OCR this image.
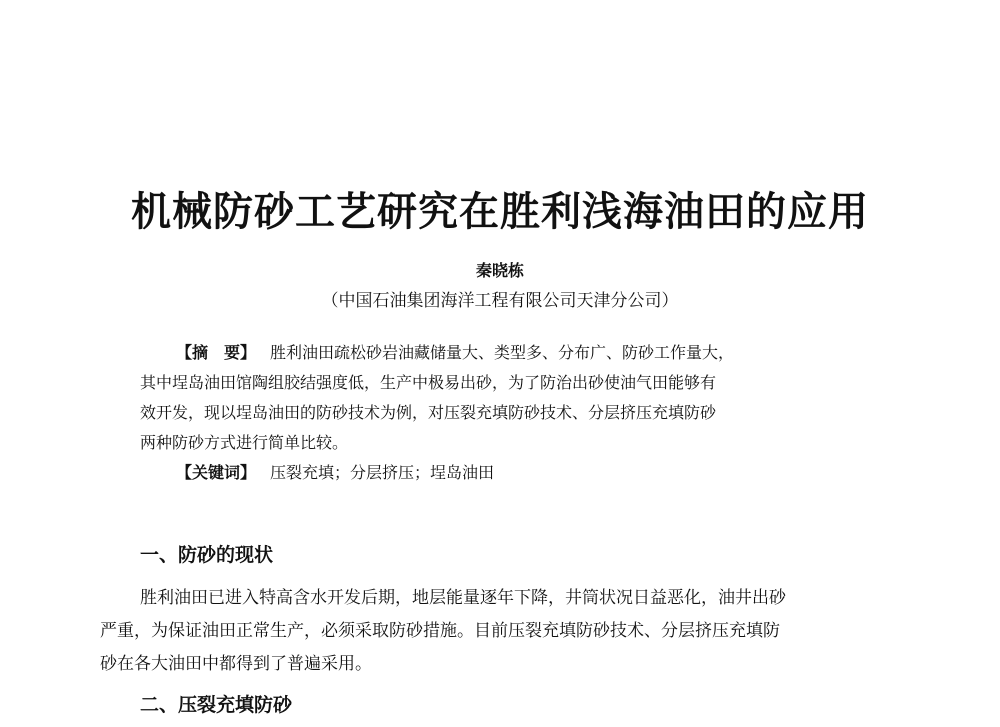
机械防砂工艺研究在胜利浅海油田的应用
秦晓栋
（中国石油集团海洋工程有限公司天津分公司）
【摘　要】 胜利油田疏松砂岩油藏储量大、类型多、分布广、防砂工作量大，
其中埕岛油田馆陶组胶结强度低，生产中极易出砂，为了防治出砂使油气田能够有
效开发，现以埕岛油田的防砂技术为例，对压裂充填防砂技术、分层挤压充填防砂
两种防砂方式进行简单比较。
【关键词】 压裂充填；分层挤压；埕岛油田
一、防砂的现状
胜利油田已进入特高含水开发后期，地层能量逐年下降，井筒状况日益恶化，油井出砂
严重，为保证油田正常生产，必须采取防砂措施。目前压裂充填防砂技术、分层挤压充填防
砂在各大油田中都得到了普遍采用。
二、压裂充填防砂
